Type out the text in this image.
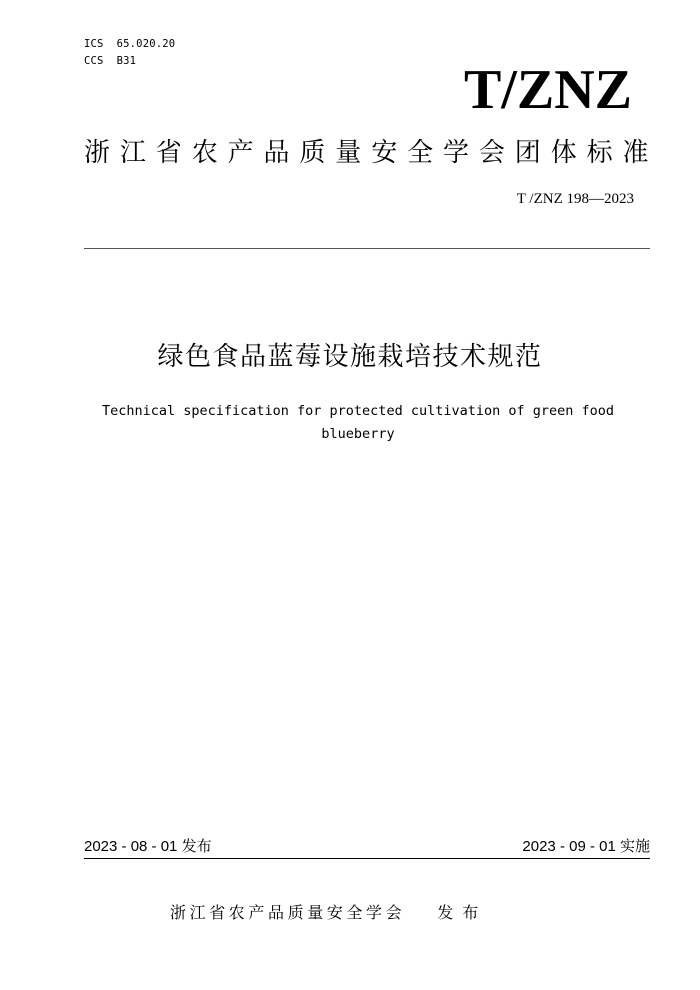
ICS  65.020.20
CCS  B31	T/ZNZ
浙江省农产品质量安全学会团体标准
T /ZNZ 198—2023
绿色食品蓝莓设施栽培技术规范
Technical specification for protected cultivation of green food
blueberry
2023 - 08 - 01 发布	2023 - 09 - 01 实施
浙江省农产品质量安全学会 发布
